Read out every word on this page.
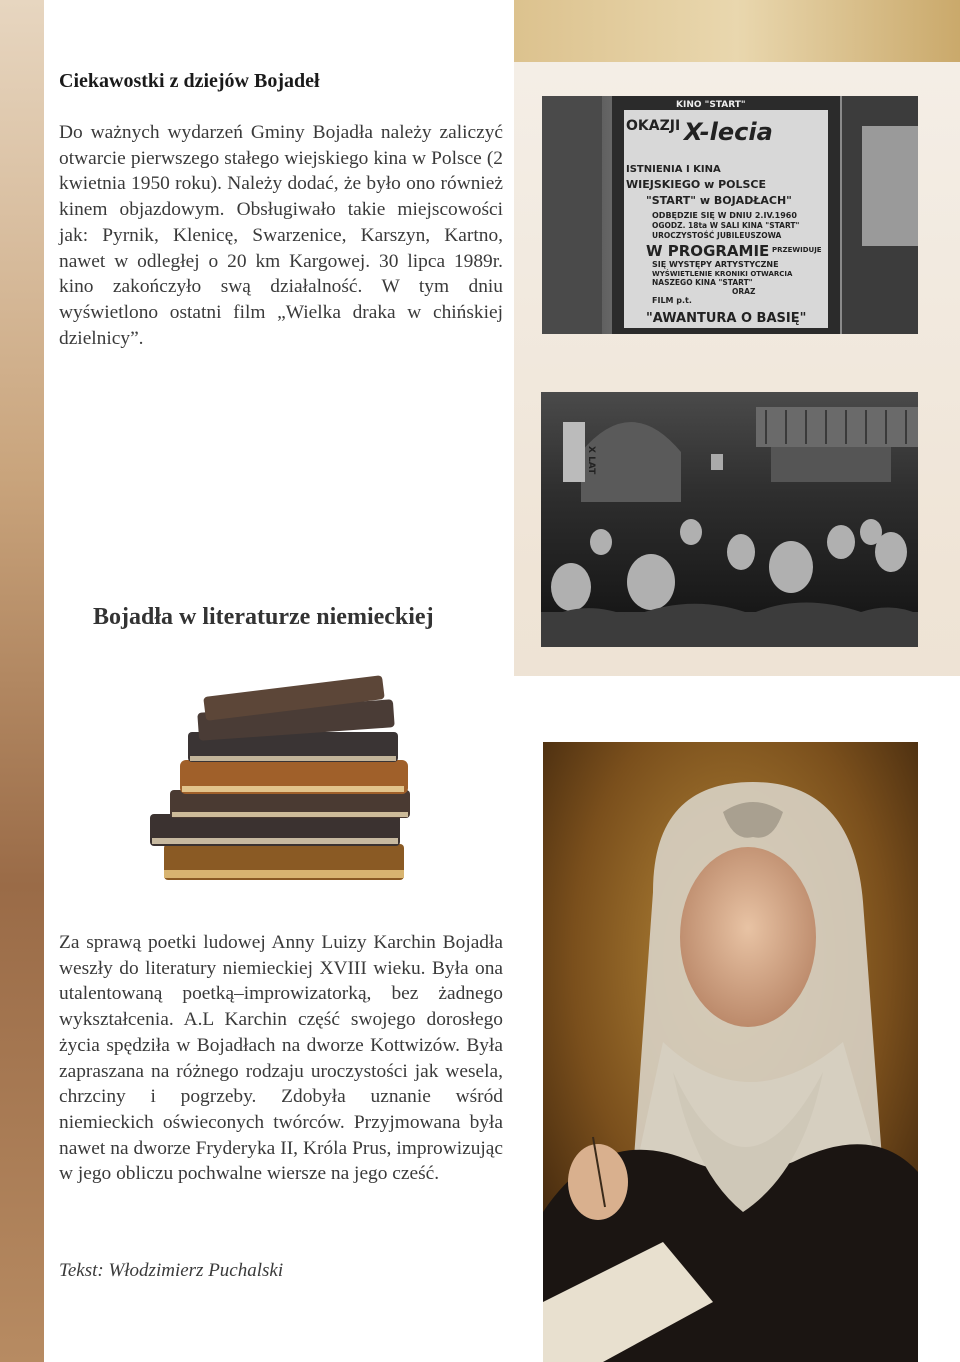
Ciekawostki z dziejów Bojadeł

Do ważnych wydarzeń Gminy Bojadła należy zaliczyć otwarcie pierwszego stałego wiejskiego kina w Polsce (2 kwietnia 1950 roku). Należy dodać, że było ono również kinem objazdowym. Obsługiwało takie miejscowości jak: Pyrnik, Klenicę, Swarzenice, Karszyn, Kartno, nawet w odległej o 20 km Kargowej. 30 lipca 1989r. kino zakończyło swą działalność. W tym dniu wyświetlono ostatni film „Wielka draka w chińskiej dzielnicy”.

KINO "START"
OKAZJI X-lecia
ISTNIENIA I KINA
WIEJSKIEGO w POLSCE
"START" w BOJADŁACH"
ODBĘDZIE SIĘ W DNIU 2.IV.1960
OGODZ. 18ta W SALI KINA "START"
UROCZYSTOŚĆ JUBILEUSZOWA
W PROGRAMIE PRZEWIDUJE
SIĘ WYSTĘPY ARTYSTYCZNE
WYŚWIETLENIE KRONIKI OTWARCIA
NASZEGO KINA "START"
ORAZ
FILM p.t.
"AWANTURA O BASIĘ"
X LAT
Bojadła w literaturze niemieckiej

Za sprawą poetki ludowej Anny Luizy Karchin Bojadła weszły do literatury niemieckiej XVIII wieku. Była ona utalentowaną poetką–improwizatorką, bez żadnego wykształcenia. A.L Karchin część swojego dorosłego życia spędziła w Bojadłach na dworze Kottwizów. Była zapraszana na różnego rodzaju uroczystości jak wesela, chrzciny i pogrzeby. Zdobyła uznanie wśród niemieckich oświeconych twórców. Przyjmowana była nawet na dworze Fryderyka II, Króla Prus, improwizując w jego obliczu pochwalne wiersze na jego cześć.

Tekst: Włodzimierz Puchalski
